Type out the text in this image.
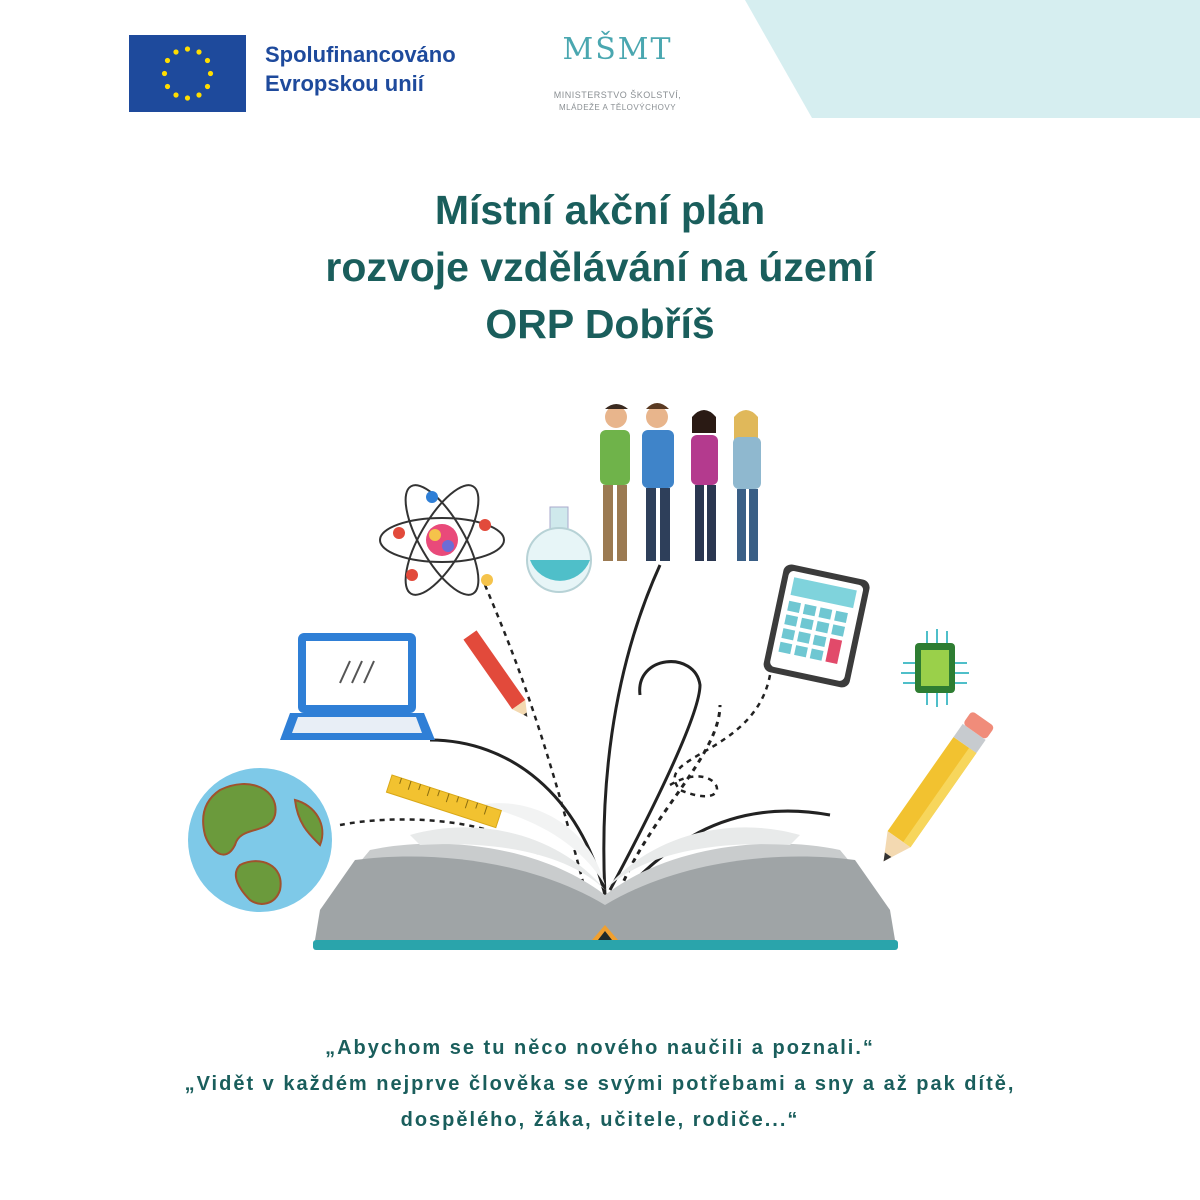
Spolufinancováno
Evropskou unií
MŠMT
MINISTERSTVO ŠKOLSTVÍ,
MLÁDEŽE A TĚLOVÝCHOVY
Místní akční plán
rozvoje vzdělávání na území
ORP Dobříš
„Abychom se tu něco nového naučili a poznali.“
„Vidět v každém nejprve člověka se svými potřebami a sny a až pak dítě,
dospělého, žáka, učitele, rodiče...“
